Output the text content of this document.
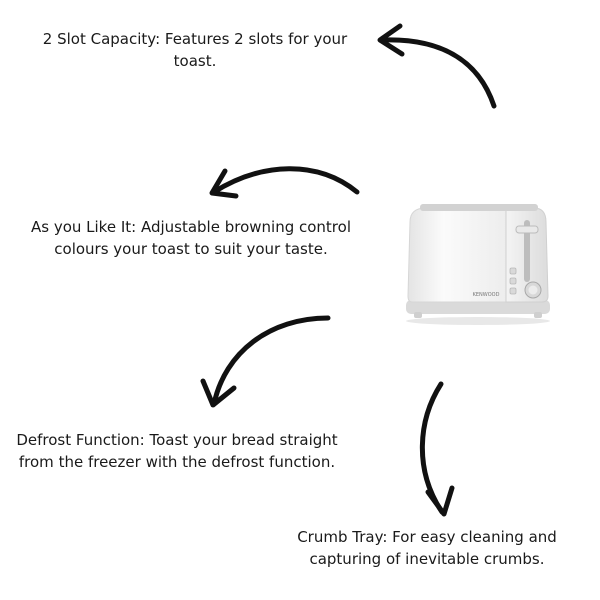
KENWOOD

2 Slot Capacity: Features 2 slots for your toast.

As you Like It: Adjustable browning control colours your toast to suit your taste.

Defrost Function: Toast your bread straight from the freezer with the defrost function.

Crumb Tray: For easy cleaning and capturing of inevitable crumbs.
